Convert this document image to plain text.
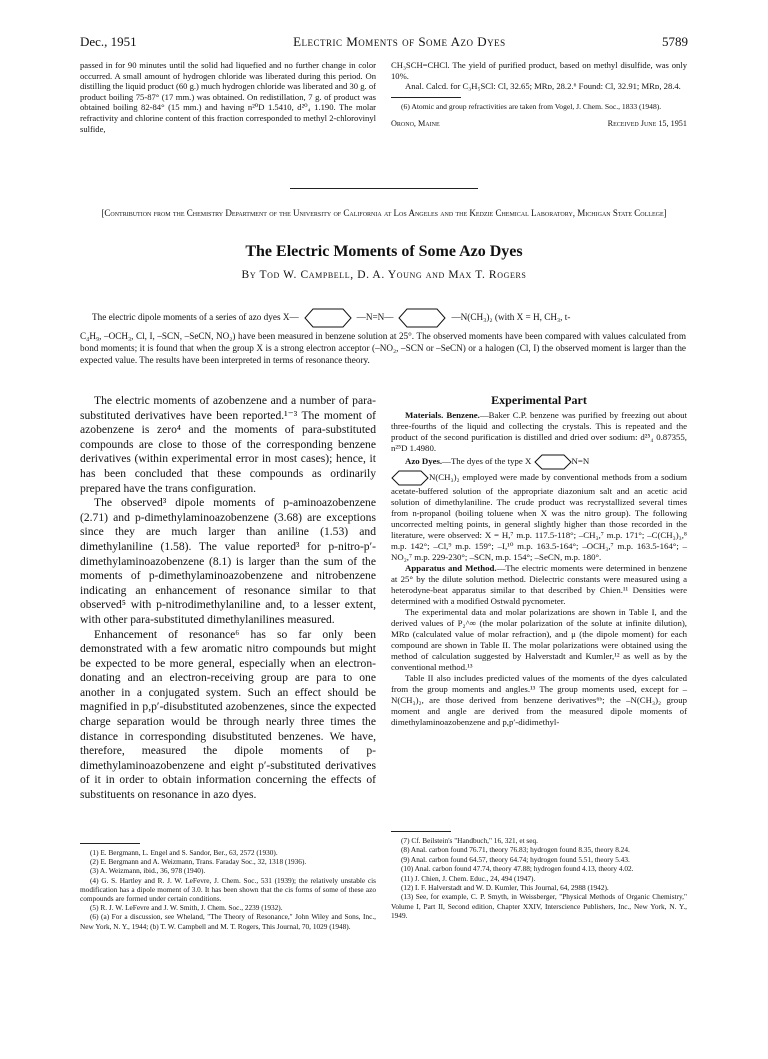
Dec., 1951	Electric Moments of Some Azo Dyes	5789

passed in for 90 minutes until the solid had liquefied and no further change in color occurred. A small amount of hydrogen chloride was liberated during this period. On distilling the liquid product (60 g.) much hydrogen chloride was liberated and 30 g. of product boiling 75-87° (17 mm.) was obtained. On redistillation, 7 g. of product was obtained boiling 82-84° (15 mm.) and having n²⁰D 1.5410, d²⁰₄ 1.190. The molar refractivity and chlorine content of this fraction corresponded to methyl 2-chlorovinyl sulfide,

CH₃SCH=CHCl. The yield of purified product, based on methyl disulfide, was only 10%.

Anal. Calcd. for C₃H₅SCl: Cl, 32.65; MRᴅ, 28.2.⁶ Found: Cl, 32.91; MRᴅ, 28.4.

(6) Atomic and group refractivities are taken from Vogel, J. Chem. Soc., 1833 (1948).

Orono, Maine	Received June 15, 1951
[Contribution from the Chemistry Department of the University of California at Los Angeles and the Kedzie Chemical Laboratory, Michigan State College]
The Electric Moments of Some Azo Dyes
By Tod W. Campbell, D. A. Young and Max T. Rogers
The electric dipole moments of a series of azo dyes X—	—N=N—	—N(CH₃)₂ (with X = H, CH₃, t-
C₄H₉, –OCH₃, Cl, I, –SCN, –SeCN, NO₂) have been measured in benzene solution at 25°. The observed moments have been compared with values calculated from bond moments; it is found that when the group X is a strong electron acceptor (–NO₂, –SCN or –SeCN) or a halogen (Cl, I) the observed moment is larger than the expected value. The results have been interpreted in terms of resonance theory.

The electric moments of azobenzene and a number of para-substituted derivatives have been reported.¹⁻³ The moment of azobenzene is zero⁴ and the moments of para-substituted compounds are close to those of the corresponding benzene derivatives (within experimental error in most cases); hence, it has been concluded that these compounds as ordinarily prepared have the trans configuration.

The observed³ dipole moments of p-aminoazobenzene (2.71) and p-dimethylaminoazobenzene (3.68) are exceptions since they are much larger than aniline (1.53) and dimethylaniline (1.58). The value reported³ for p-nitro-p′-dimethylaminoazobenzene (8.1) is larger than the sum of the moments of p-dimethylaminoazobenzene and nitrobenzene indicating an enhancement of resonance similar to that observed⁵ with p-nitrodimethylaniline and, to a lesser extent, with other para-substituted dimethylanilines measured.

Enhancement of resonance⁶ has so far only been demonstrated with a few aromatic nitro compounds but might be expected to be more general, especially when an electron-donating and an electron-receiving group are para to one another in a conjugated system. Such an effect should be magnified in p,p′-disubstituted azobenzenes, since the expected charge separation would be through nearly three times the distance in corresponding disubstituted benzenes. We have, therefore, measured the dipole moments of p-dimethylaminoazobenzene and eight p′-substituted derivatives of it in order to obtain information concerning the effects of substituents on resonance in azo dyes.

(1) E. Bergmann, L. Engel and S. Sandor, Ber., 63, 2572 (1930).

(2) E. Bergmann and A. Weizmann, Trans. Faraday Soc., 32, 1318 (1936).

(3) A. Weizmann, ibid., 36, 978 (1940).

(4) G. S. Hartley and R. J. W. LeFevre, J. Chem. Soc., 531 (1939); the relatively unstable cis modification has a dipole moment of 3.0. It has been shown that the cis forms of some of these azo compounds are formed under certain conditions.

(5) R. J. W. LeFevre and J. W. Smith, J. Chem. Soc., 2239 (1932).

(6) (a) For a discussion, see Wheland, "The Theory of Resonance," John Wiley and Sons, Inc., New York, N. Y., 1944; (b) T. W. Campbell and M. T. Rogers, This Journal, 70, 1029 (1948).

Experimental Part

Materials. Benzene.—Baker C.P. benzene was purified by freezing out about three-fourths of the liquid and collecting the crystals. This is repeated and the product of the second purification is distilled and dried over sodium: d²⁵₄ 0.87355, n²⁵D 1.4980.

Azo Dyes.—The dyes of the type X	N=N
N(CH₃)₂ employed were made by conventional methods from a sodium acetate-buffered solution of the appropriate diazonium salt and an acetic acid solution of dimethylaniline. The crude product was recrystallized several times from n-propanol (boiling toluene when X was the nitro group). The following uncorrected melting points, in general slightly higher than those recorded in the literature, were observed: X = H,⁷ m.p. 117.5-118°; –CH₃,⁷ m.p. 171°; –C(CH₃)₃,⁸ m.p. 142°; –Cl,⁹ m.p. 159°; –I,¹⁰ m.p. 163.5-164°; –OCH₃,⁷ m.p. 163.5-164°; –NO₂,⁷ m.p. 229-230°; –SCN, m.p. 154°; –SeCN, m.p. 180°.

Apparatus and Method.—The electric moments were determined in benzene at 25° by the dilute solution method. Dielectric constants were measured using a heterodyne-beat apparatus similar to that described by Chien.¹¹ Densities were determined with a modified Ostwald pycnometer.

The experimental data and molar polarizations are shown in Table I, and the derived values of P₂^∞ (the molar polarization of the solute at infinite dilution), MRᴅ (calculated value of molar refraction), and μ (the dipole moment) for each compound are shown in Table II. The molar polarizations were obtained using the method of calculation suggested by Halverstadt and Kumler,¹² as well as by the conventional method.¹³

Table II also includes predicted values of the moments of the dyes calculated from the group moments and angles.¹³ The group moments used, except for –N(CH₃)₂, are those derived from benzene derivatives⁶ᵇ; the –N(CH₃)₂ group moment and angle are derived from the measured dipole moments of dimethylaminoazobenzene and p,p′-didimethyl-

(7) Cf. Beilstein's "Handbuch," 16, 321, et seq.

(8) Anal. carbon found 76.71, theory 76.83; hydrogen found 8.35, theory 8.24.

(9) Anal. carbon found 64.57, theory 64.74; hydrogen found 5.51, theory 5.43.

(10) Anal. carbon found 47.74, theory 47.88; hydrogen found 4.13, theory 4.02.

(11) J. Chien, J. Chem. Educ., 24, 494 (1947).

(12) I. F. Halverstadt and W. D. Kumler, This Journal, 64, 2988 (1942).

(13) See, for example, C. P. Smyth, in Weissberger, "Physical Methods of Organic Chemistry," Volume I, Part II, Second edition, Chapter XXIV, Interscience Publishers, Inc., New York, N. Y., 1949.
